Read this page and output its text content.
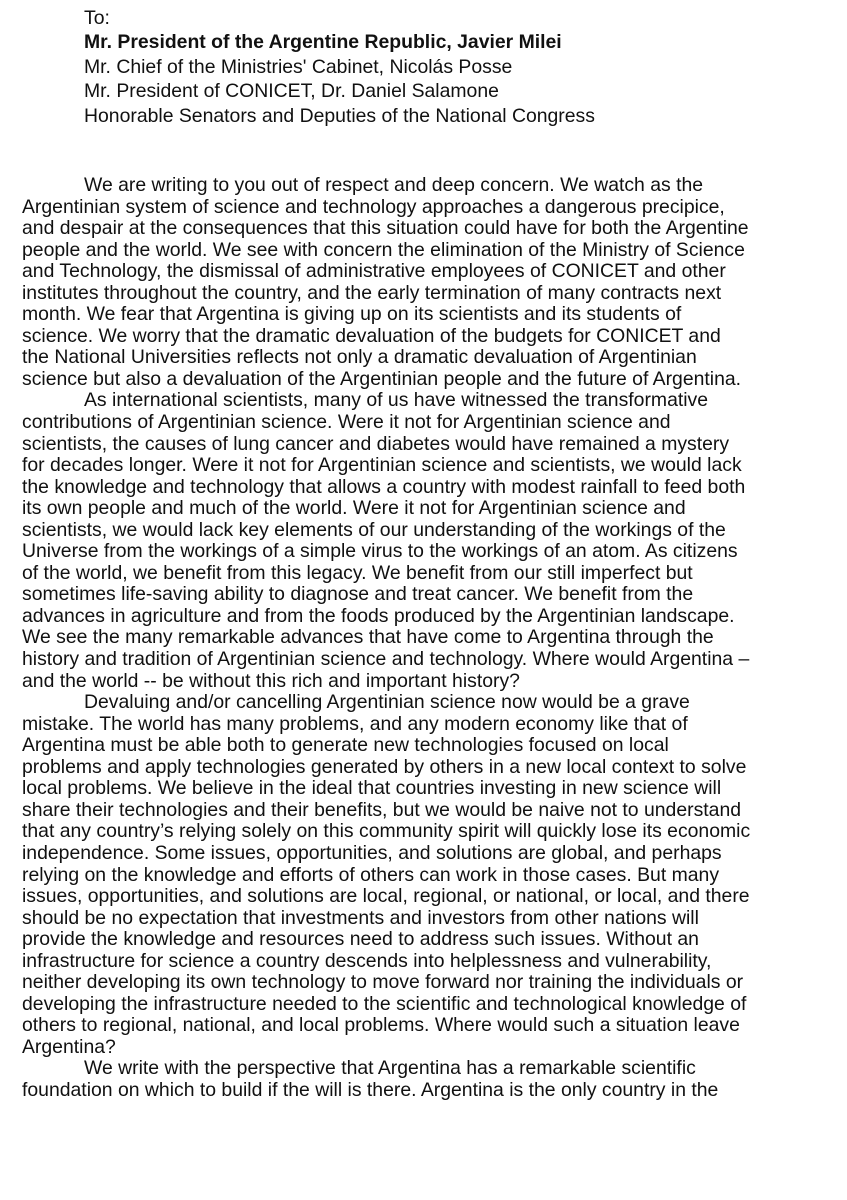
To:
Mr. President of the Argentine Republic, Javier Milei
Mr. Chief of the Ministries' Cabinet, Nicolás Posse
Mr. President of CONICET, Dr. Daniel Salamone
Honorable Senators and Deputies of the National Congress
We are writing to you out of respect and deep concern. We watch as the
Argentinian system of science and technology approaches a dangerous precipice,
and despair at the consequences that this situation could have for both the Argentine
people and the world. We see with concern the elimination of the Ministry of Science
and Technology, the dismissal of administrative employees of CONICET and other
institutes throughout the country, and the early termination of many contracts next
month. We fear that Argentina is giving up on its scientists and its students of
science. We worry that the dramatic devaluation of the budgets for CONICET and
the National Universities reflects not only a dramatic devaluation of Argentinian
science but also a devaluation of the Argentinian people and the future of Argentina.
As international scientists, many of us have witnessed the transformative
contributions of Argentinian science. Were it not for Argentinian science and
scientists, the causes of lung cancer and diabetes would have remained a mystery
for decades longer. Were it not for Argentinian science and scientists, we would lack
the knowledge and technology that allows a country with modest rainfall to feed both
its own people and much of the world. Were it not for Argentinian science and
scientists, we would lack key elements of our understanding of the workings of the
Universe from the workings of a simple virus to the workings of an atom. As citizens
of the world, we benefit from this legacy. We benefit from our still imperfect but
sometimes life-saving ability to diagnose and treat cancer. We benefit from the
advances in agriculture and from the foods produced by the Argentinian landscape.
We see the many remarkable advances that have come to Argentina through the
history and tradition of Argentinian science and technology. Where would Argentina –
and the world -- be without this rich and important history?
Devaluing and/or cancelling Argentinian science now would be a grave
mistake. The world has many problems, and any modern economy like that of
Argentina must be able both to generate new technologies focused on local
problems and apply technologies generated by others in a new local context to solve
local problems. We believe in the ideal that countries investing in new science will
share their technologies and their benefits, but we would be naive not to understand
that any country’s relying solely on this community spirit will quickly lose its economic
independence. Some issues, opportunities, and solutions are global, and perhaps
relying on the knowledge and efforts of others can work in those cases. But many
issues, opportunities, and solutions are local, regional, or national, or local, and there
should be no expectation that investments and investors from other nations will
provide the knowledge and resources need to address such issues. Without an
infrastructure for science a country descends into helplessness and vulnerability,
neither developing its own technology to move forward nor training the individuals or
developing the infrastructure needed to the scientific and technological knowledge of
others to regional, national, and local problems. Where would such a situation leave
Argentina?
We write with the perspective that Argentina has a remarkable scientific
foundation on which to build if the will is there. Argentina is the only country in the
